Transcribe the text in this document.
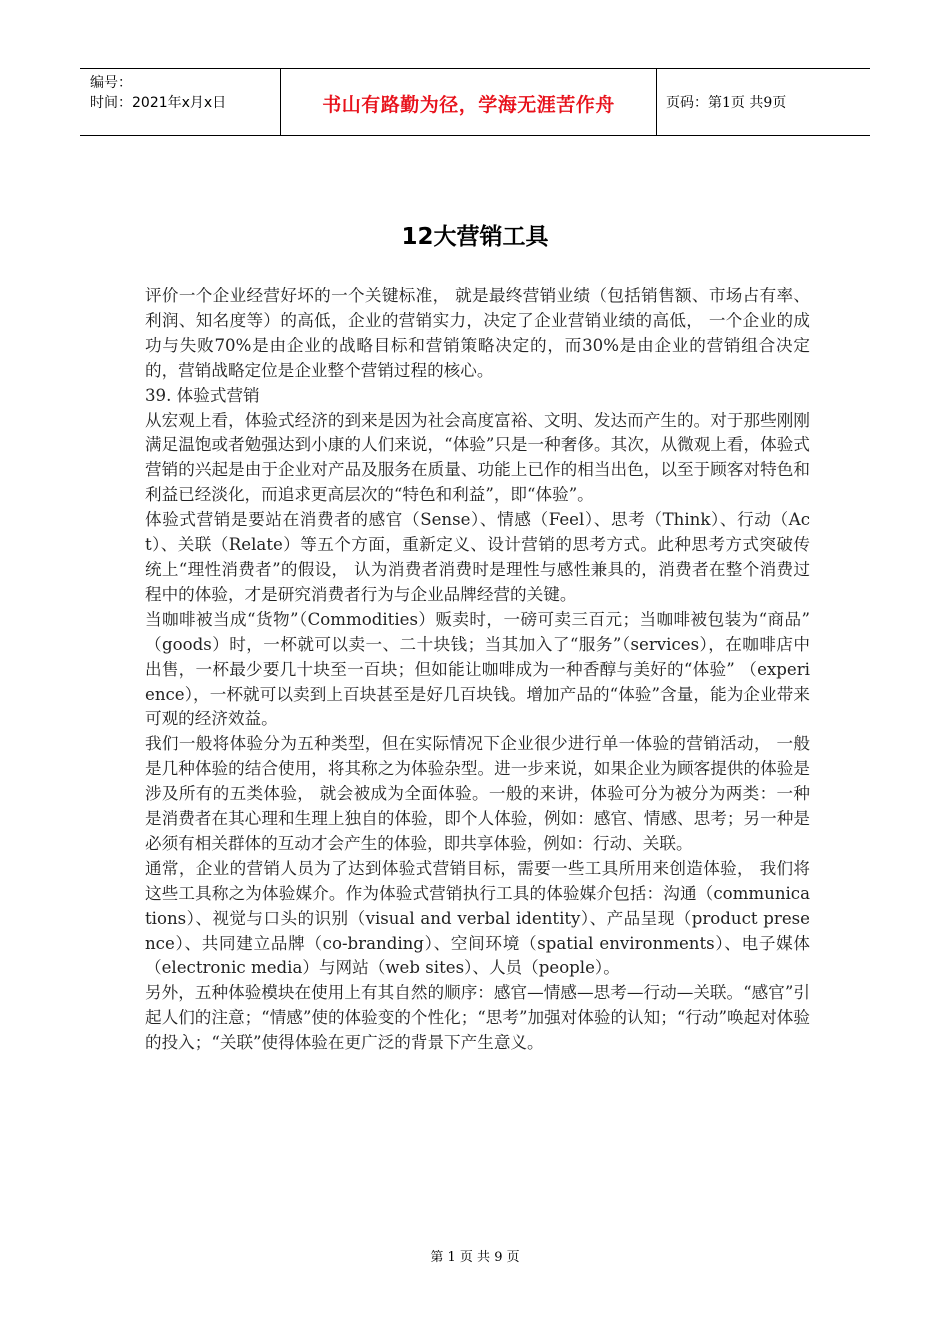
编号：
时间：2021年x月x日	书山有路勤为径，学海无涯苦作舟	页码：第1页 共9页
12大营销工具

评价一个企业经营好坏的一个关键标准， 就是最终营销业绩（包括销售额、市场占有率、利润、知名度等）的高低，企业的营销实力，决定了企业营销业绩的高低， 一个企业的成功与失败70%是由企业的战略目标和营销策略决定的，而30%是由企业的营销组合决定的，营销战略定位是企业整个营销过程的核心。

39. 体验式营销

从宏观上看，体验式经济的到来是因为社会高度富裕、文明、发达而产生的。对于那些刚刚满足温饱或者勉强达到小康的人们来说，“体验”只是一种奢侈。其次，从微观上看，体验式营销的兴起是由于企业对产品及服务在质量、功能上已作的相当出色，以至于顾客对特色和利益已经淡化，而追求更高层次的“特色和利益”，即“体验”。

体验式营销是要站在消费者的感官（Sense）、情感（Feel）、思考（Think）、行动（Act）、关联（Relate）等五个方面，重新定义、设计营销的思考方式。此种思考方式突破传统上“理性消费者”的假设， 认为消费者消费时是理性与感性兼具的，消费者在整个消费过程中的体验，才是研究消费者行为与企业品牌经营的关键。

当咖啡被当成“货物”（Commodities）贩卖时，一磅可卖三百元；当咖啡被包装为“商品” （goods）时，一杯就可以卖一、二十块钱；当其加入了“服务”（services），在咖啡店中出售，一杯最少要几十块至一百块；但如能让咖啡成为一种香醇与美好的“体验” （experience），一杯就可以卖到上百块甚至是好几百块钱。增加产品的“体验”含量，能为企业带来可观的经济效益。

我们一般将体验分为五种类型，但在实际情况下企业很少进行单一体验的营销活动， 一般是几种体验的结合使用，将其称之为体验杂型。进一步来说，如果企业为顾客提供的体验是涉及所有的五类体验， 就会被成为全面体验。一般的来讲，体验可分为被分为两类：一种是消费者在其心理和生理上独自的体验，即个人体验，例如：感官、情感、思考；另一种是必须有相关群体的互动才会产生的体验，即共享体验，例如：行动、关联。

通常，企业的营销人员为了达到体验式营销目标，需要一些工具所用来创造体验， 我们将这些工具称之为体验媒介。作为体验式营销执行工具的体验媒介包括：沟通（communications）、视觉与口头的识别（visual and verbal identity）、产品呈现（product presence）、共同建立品牌（co-branding）、空间环境（spatial environments）、电子媒体（electronic media）与网站（web sites）、人员（people）。

另外，五种体验模块在使用上有其自然的顺序：感官—情感—思考—行动—关联。“感官”引起人们的注意；“情感”使的体验变的个性化；“思考”加强对体验的认知；“行动”唤起对体验的投入；“关联”使得体验在更广泛的背景下产生意义。

第 1 页 共 9 页
